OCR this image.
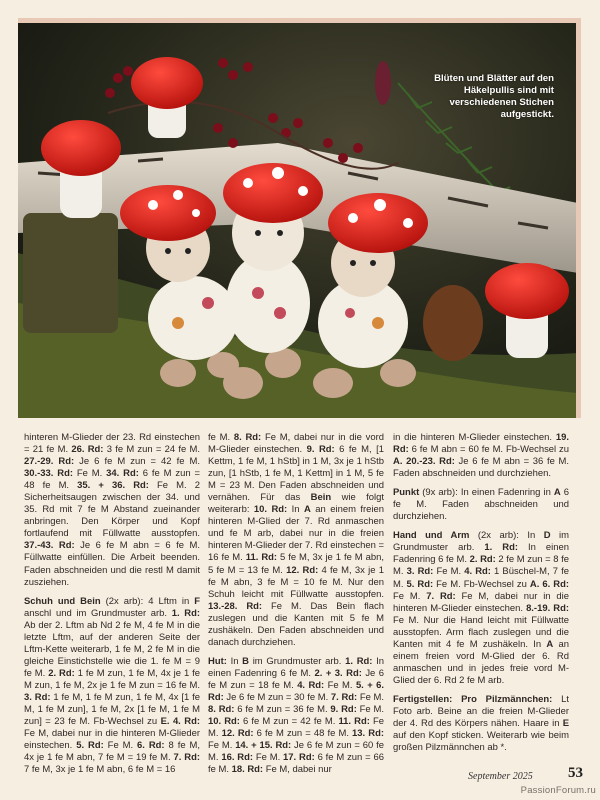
Blüten und Blätter auf den Häkelpullis sind mit verschiedenen Stichen aufgestickt.

hinteren M-Glieder der 23. Rd einstechen = 21 fe M. 26. Rd: 3 fe M zun = 24 fe M. 27.-29. Rd: Je 6 fe M zun = 42 fe M. 30.-33. Rd: Fe M. 34. Rd: 6 fe M zun = 48 fe M. 35. + 36. Rd: Fe M. 2 Sicherheitsaugen zwischen der 34. und 35. Rd mit 7 fe M Abstand zueinander anbringen. Den Körper und Kopf fortlaufend mit Füllwatte ausstopfen. 37.-43. Rd: Je 6 fe M abn = 6 fe M. Füllwatte einfüllen. Die Arbeit beenden. Faden abschneiden und die restl M damit zusziehen.

Schuh und Bein (2x arb): 4 Lftm in F anschl und im Grundmuster arb. 1. Rd: Ab der 2. Lftm ab Nd 2 fe M, 4 fe M in die letzte Lftm, auf der anderen Seite der Lftm-Kette weiterarb, 1 fe M, 2 fe M in die gleiche Einstichstelle wie die 1. fe M = 9 fe M. 2. Rd: 1 fe M zun, 1 fe M, 4x je 1 fe M zun, 1 fe M, 2x je 1 fe M zun = 16 fe M. 3. Rd: 1 fe M, 1 fe M zun, 1 fe M, 4x [1 fe M, 1 fe M zun], 1 fe M, 2x [1 fe M, 1 fe M zun] = 23 fe M. Fb-Wechsel zu E. 4. Rd: Fe M, dabei nur in die hinteren M-Glieder einstechen. 5. Rd: Fe M. 6. Rd: 8 fe M, 4x je 1 fe M abn, 7 fe M = 19 fe M. 7. Rd: 7 fe M, 3x je 1 fe M abn, 6 fe M = 16

fe M. 8. Rd: Fe M, dabei nur in die vord M-Glieder einstechen. 9. Rd: 6 fe M, [1 Kettm, 1 fe M, 1 hStb] in 1 M, 3x je 1 hStb zun, [1 hStb, 1 fe M, 1 Kettm] in 1 M, 5 fe M = 23 M. Den Faden abschneiden und vernähen. Für das Bein wie folgt weiterarb: 10. Rd: In A an einem freien hinteren M-Glied der 7. Rd anmaschen und fe M arb, dabei nur in die freien hinteren M-Glieder der 7. Rd einstechen = 16 fe M. 11. Rd: 5 fe M, 3x je 1 fe M abn, 5 fe M = 13 fe M. 12. Rd: 4 fe M, 3x je 1 fe M abn, 3 fe M = 10 fe M. Nur den Schuh leicht mit Füllwatte ausstopfen. 13.-28. Rd: Fe M. Das Bein flach zuslegen und die Kanten mit 5 fe M zushäkeln. Den Faden abschneiden und danach durchziehen.

Hut: In B im Grundmuster arb. 1. Rd: In einen Fadenring 6 fe M. 2. + 3. Rd: Je 6 fe M zun = 18 fe M. 4. Rd: Fe M. 5. + 6. Rd: Je 6 fe M zun = 30 fe M. 7. Rd: Fe M. 8. Rd: 6 fe M zun = 36 fe M. 9. Rd: Fe M. 10. Rd: 6 fe M zun = 42 fe M. 11. Rd: Fe M. 12. Rd: 6 fe M zun = 48 fe M. 13. Rd: Fe M. 14. + 15. Rd: Je 6 fe M zun = 60 fe M. 16. Rd: Fe M. 17. Rd: 6 fe M zun = 66 fe M. 18. Rd: Fe M, dabei nur

in die hinteren M-Glieder einstechen. 19. Rd: 6 fe M abn = 60 fe M. Fb-Wechsel zu A. 20.-23. Rd: Je 6 fe M abn = 36 fe M. Faden abschneiden und durchziehen.

Punkt (9x arb): In einen Fadenring in A 6 fe M. Faden abschneiden und durchziehen.

Hand und Arm (2x arb): In D im Grundmuster arb. 1. Rd: In einen Fadenring 6 fe M. 2. Rd: 2 fe M zun = 8 fe M. 3. Rd: Fe M. 4. Rd: 1 Büschel-M, 7 fe M. 5. Rd: Fe M. Fb-Wechsel zu A. 6. Rd: Fe M. 7. Rd: Fe M, dabei nur in die hinteren M-Glieder einstechen. 8.-19. Rd: Fe M. Nur die Hand leicht mit Füllwatte ausstopfen. Arm flach zuslegen und die Kanten mit 4 fe M zushäkeln. In A an einem freien vord M-Glied der 6. Rd anmaschen und in jedes freie vord M-Glied der 6. Rd 2 fe M arb.

Fertigstellen: Pro Pilzmännchen: Lt Foto arb. Beine an die freien M-Glieder der 4. Rd des Körpers nähen. Haare in E auf den Kopf sticken. Weiterarb wie beim großen Pilzmännchen ab *.

September 2025 53
PassionForum.ru
